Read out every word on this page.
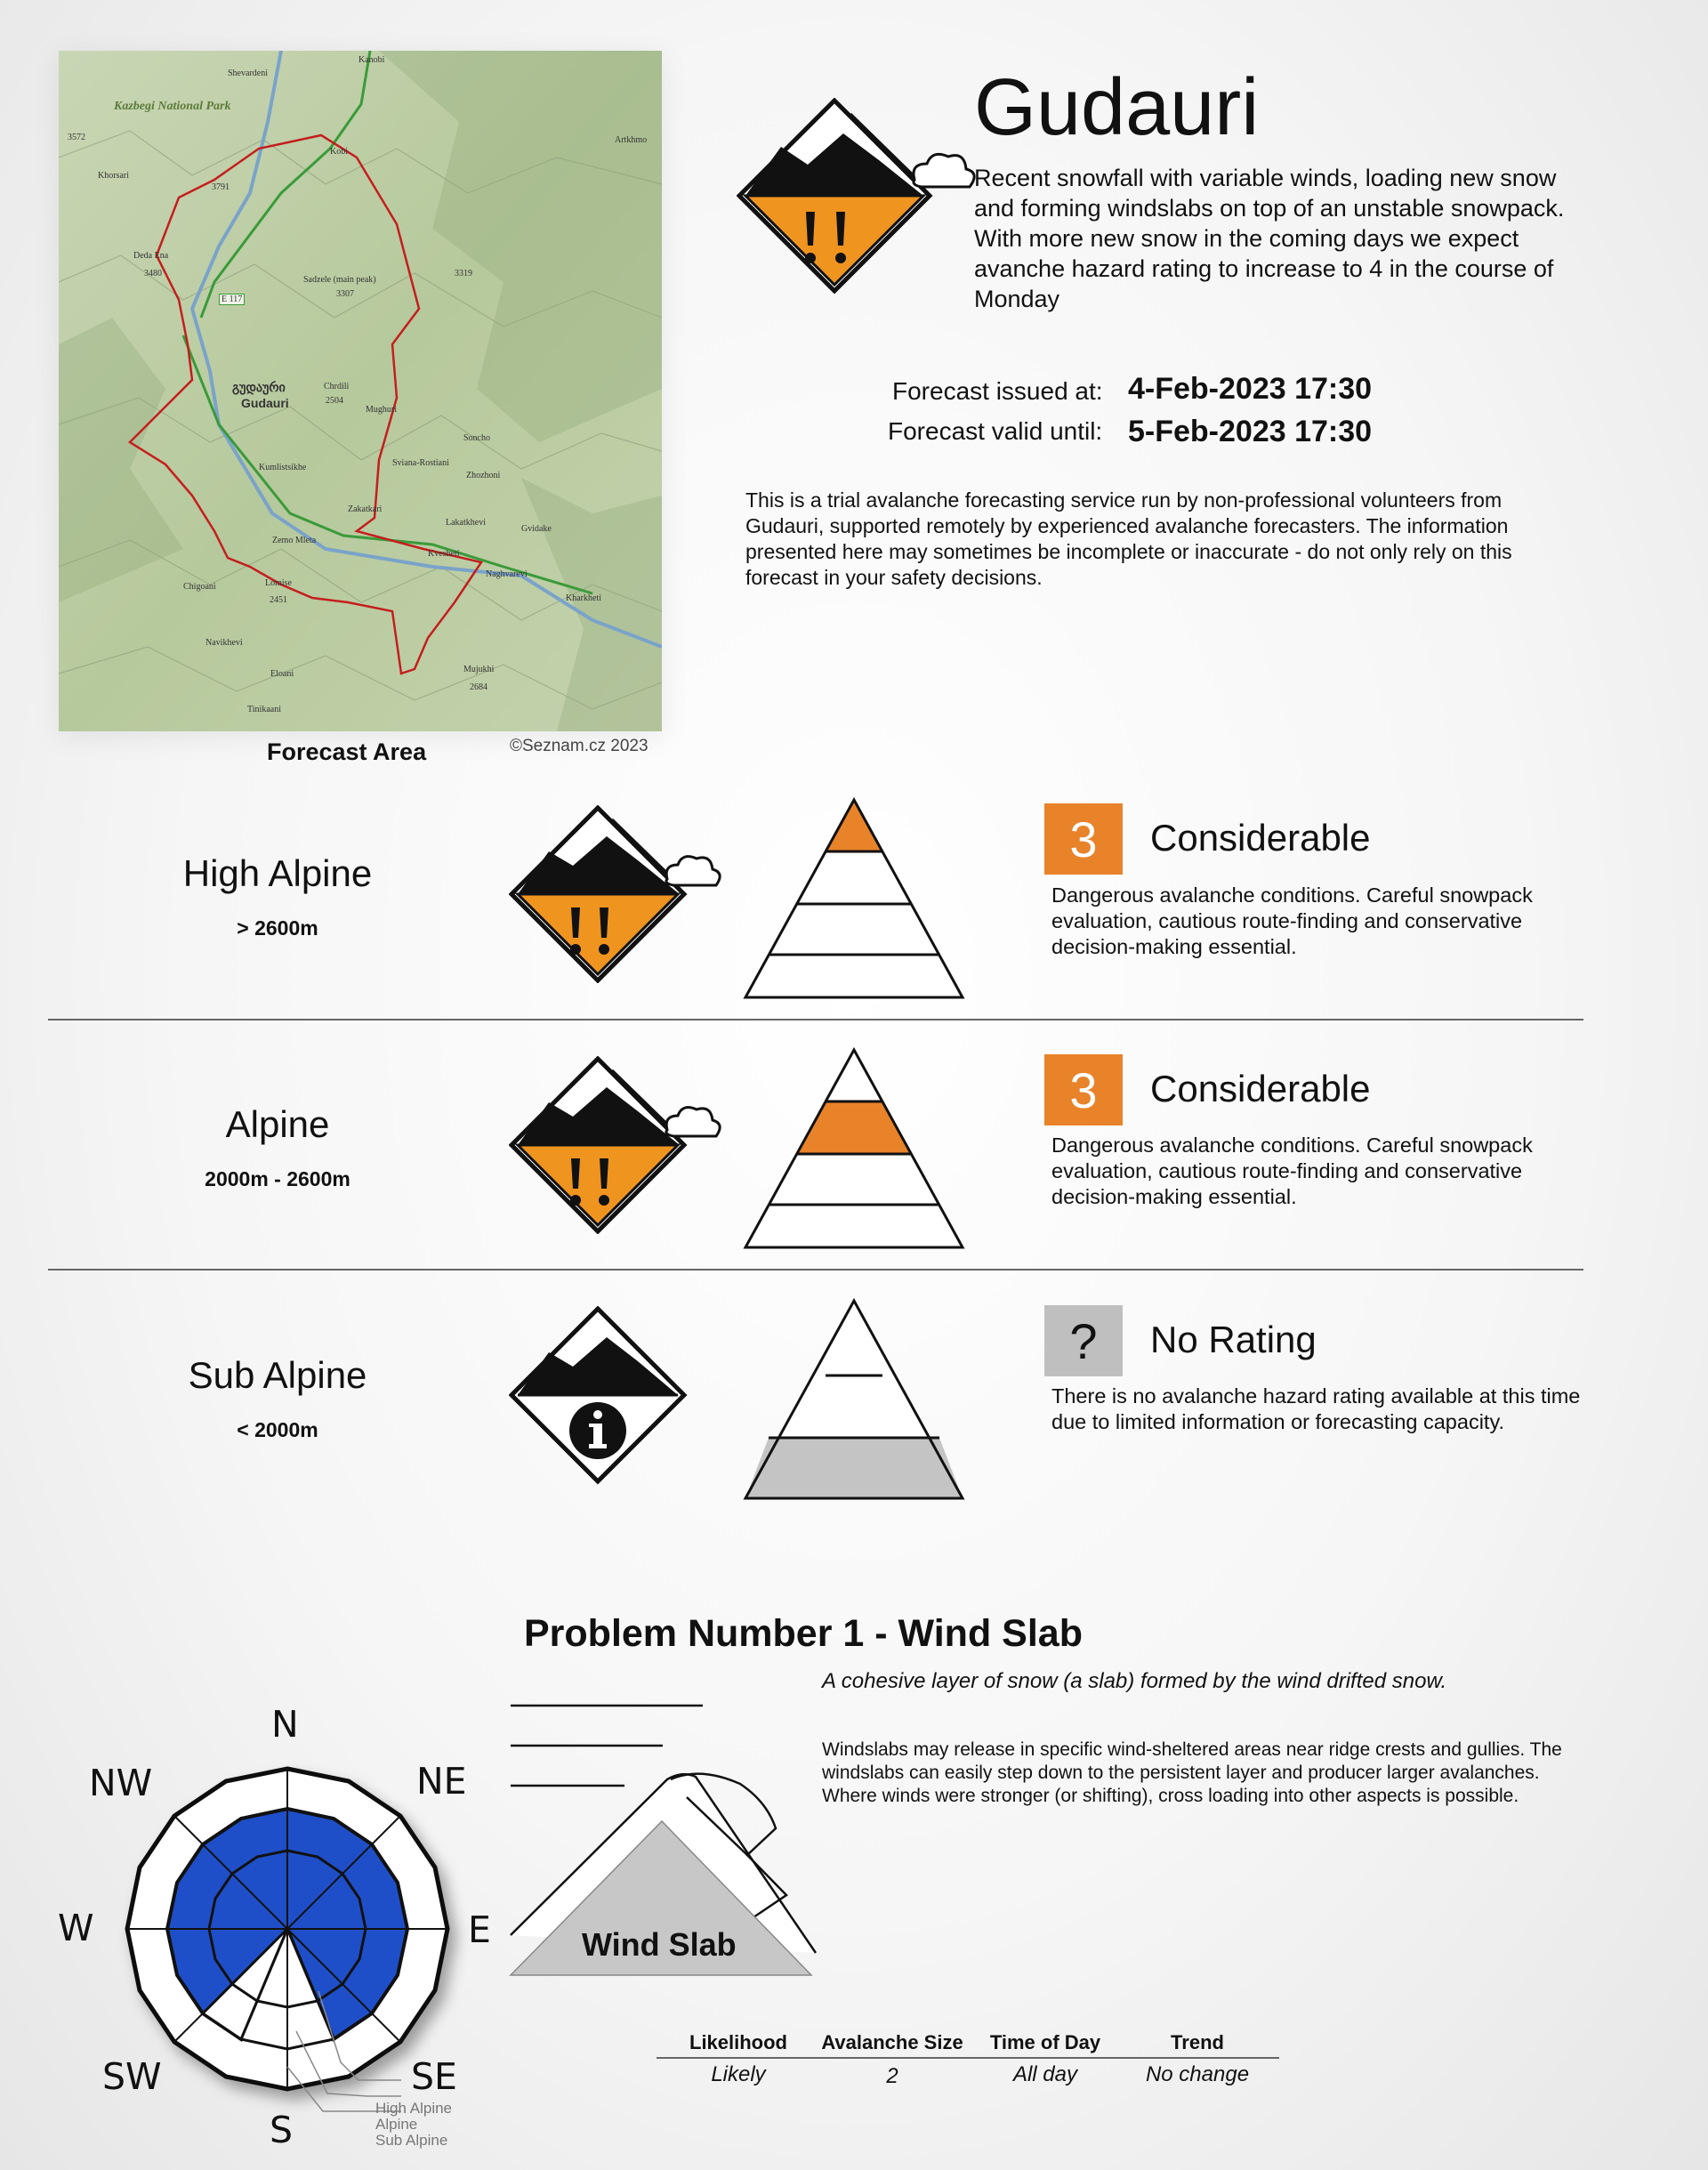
Kazbegi National Park
3572
Shevardeni
Kanobi
Kobi
Artkhmo
Khorsari
3791
Deda Ena
3480	3319
Sadzele (main peak)
3307
E 117
გუდაური
Gudauri
Chrdili
2504
Mughuri
Soncho
Sviana-Rostiani
Zhozhoni
Kumlistsikhe
Zakatkari
Lakatkhevi
Gvidake
Zemo Mleta
Kvesheti
Naghvarevi
Kharkheti
Chigoani	Lomise
2451
Navikhevi
Eloani	Mujukhi
2684
Tinikaani
Forecast Area	©Seznam.cz 2023
Gudauri
Recent snowfall with variable winds, loading new snow and forming windslabs on top of an unstable snowpack. With more new snow in the coming days we expect avanche hazard rating to increase to 4 in the course of Monday
Forecast issued at: 4-Feb-2023 17:30
Forecast valid until: 5-Feb-2023 17:30
This is a trial avalanche forecasting service run by non-professional volunteers from Gudauri, supported remotely by experienced avalanche forecasters. The information presented here may sometimes be incomplete or inaccurate - do not only rely on this forecast in your safety decisions.
High Alpine
> 2600m
3	Considerable
Dangerous avalanche conditions. Careful snowpack evaluation, cautious route-finding and conservative decision-making essential.
Alpine
2000m - 2600m
3	Considerable
Dangerous avalanche conditions. Careful snowpack evaluation, cautious route-finding and conservative decision-making essential.
Sub Alpine
< 2000m
?	No Rating
There is no avalanche hazard rating available at this time due to limited information or forecasting capacity.
Problem Number 1 - Wind Slab
A cohesive layer of snow (a slab) formed by the wind drifted snow.
Windslabs may release in specific wind-sheltered areas near ridge crests and gullies. The windslabs can easily step down to the persistent layer and producer larger avalanches. Where winds were stronger (or shifting), cross loading into other aspects is possible.
N
NE
E
SE
S
SW
W
NW
High Alpine
Alpine
Sub Alpine
Wind Slab
Likelihood	Avalanche Size	Time of Day	Trend
Likely	2	All day	No change
